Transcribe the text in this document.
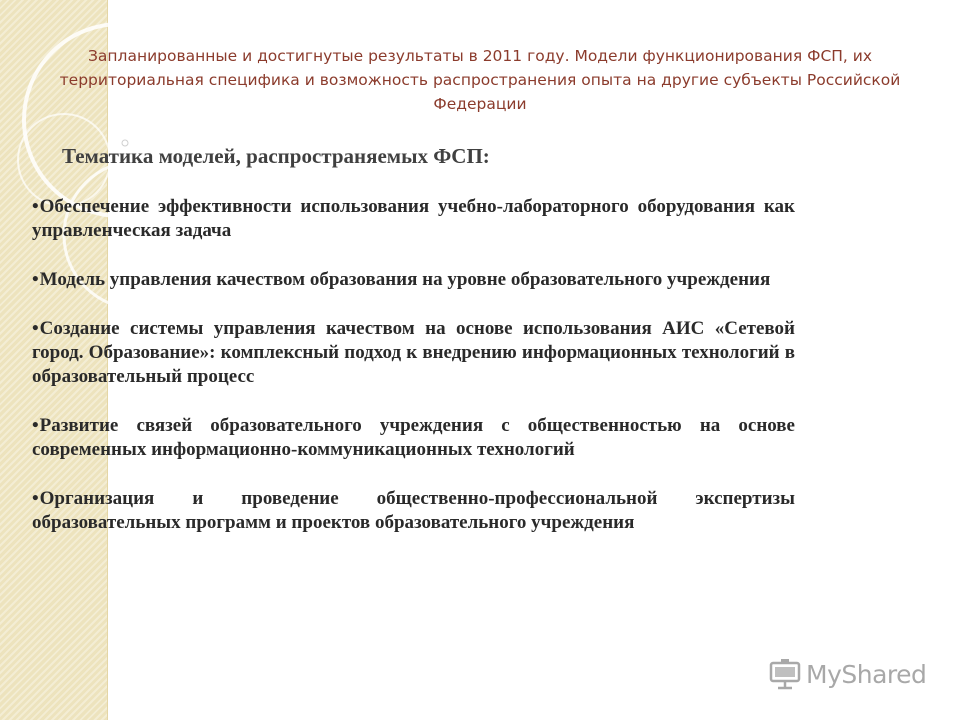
Запланированные и достигнутые результаты в 2011 году. Модели функционирования ФСП, их территориальная специфика и возможность распространения опыта на другие субъекты Российской Федерации
Тематика моделей, распространяемых ФСП:
•Обеспечение эффективности использования учебно-лабораторного оборудования как управленческая задача
•Модель управления качеством образования на уровне образовательного учреждения
•Создание системы управления качеством на основе использования АИС «Сетевой город. Образование»: комплексный подход к внедрению информационных технологий в образовательный процесс
•Развитие связей образовательного учреждения с общественностью на основе современных информационно-коммуникационных технологий
•Организация и проведение общественно-профессиональной экспертизы образовательных программ и проектов образовательного учреждения
MyShared
